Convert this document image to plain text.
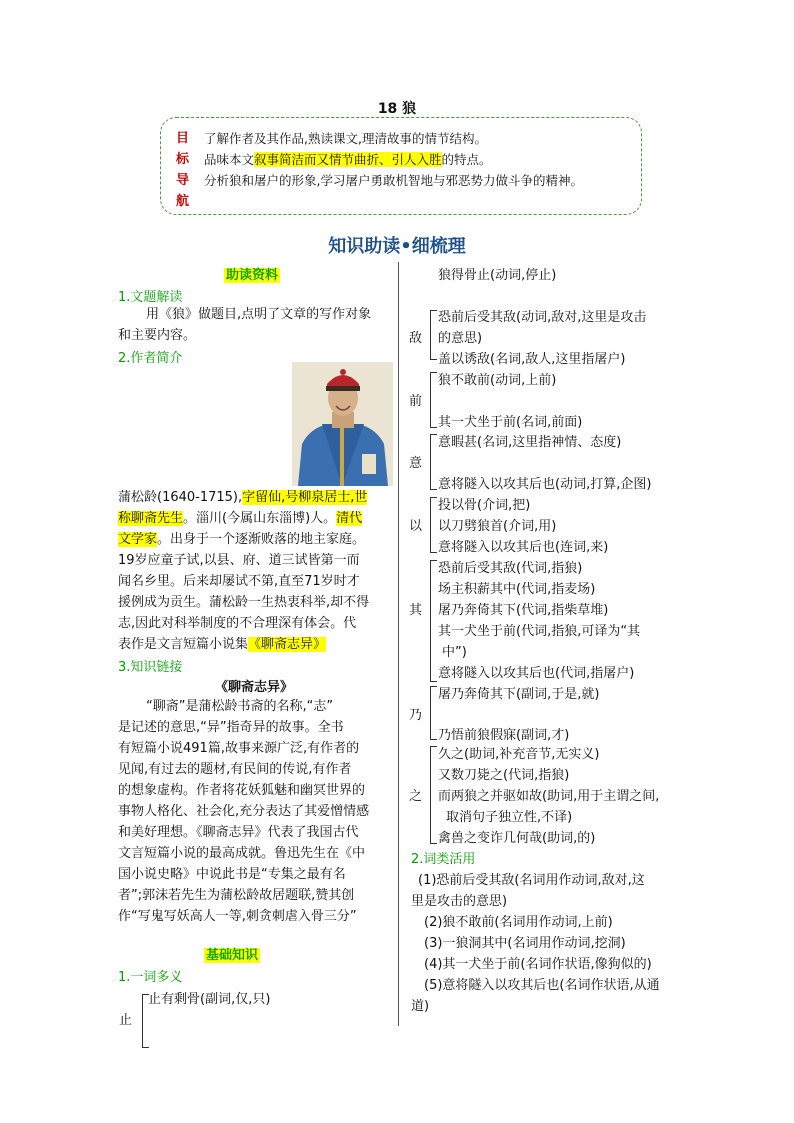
18 狼
目
标
导
航
了解作者及其作品,熟读课文,理清故事的情节结构。
品味本文叙事简洁而又情节曲折、引人入胜的特点。
分析狼和屠户的形象,学习屠户勇敢机智地与邪恶势力做斗争的精神。
知识助读•细梳理
助读资料
1.文题解读
用《狼》做题目,点明了文章的写作对象
和主要内容。
2.作者简介
蒲松龄(1640-1715),字留仙,号柳泉居士,世
称聊斋先生。淄川(今属山东淄博)人。清代
文学家。出身于一个逐渐败落的地主家庭。
19岁应童子试,以县、府、道三试皆第一而
闻名乡里。后来却屡试不第,直至71岁时才
援例成为贡生。蒲松龄一生热衷科举,却不得
志,因此对科举制度的不合理深有体会。代
表作是文言短篇小说集《聊斋志异》
3.知识链接
《聊斋志异》
“聊斋”是蒲松龄书斋的名称,“志”
是记述的意思,“异”指奇异的故事。全书
有短篇小说491篇,故事来源广泛,有作者的
见闻,有过去的题材,有民间的传说,有作者
的想象虚构。作者将花妖狐魅和幽冥世界的
事物人格化、社会化,充分表达了其爱憎情感
和美好理想。《聊斋志异》代表了我国古代
文言短篇小说的最高成就。鲁迅先生在《中
国小说史略》中说此书是“专集之最有名
者”;郭沫若先生为蒲松龄故居题联,赞其创
作“写鬼写妖高人一等,刺贪刺虐入骨三分”
基础知识
1.一词多义
止
止有剩骨(副词,仅,只)
狼得骨止(动词,停止)
敌
恐前后受其敌(动词,敌对,这里是攻击
的意思)
盖以诱敌(名词,敌人,这里指屠户)
前
狼不敢前(动词,上前)
其一犬坐于前(名词,前面)
意
意暇甚(名词,这里指神情、态度)
意将隧入以攻其后也(动词,打算,企图)
以
投以骨(介词,把)
以刀劈狼首(介词,用)
意将隧入以攻其后也(连词,来)
其
恐前后受其敌(代词,指狼)
场主积薪其中(代词,指麦场)
屠乃奔倚其下(代词,指柴草堆)
其一犬坐于前(代词,指狼,可译为“其
中”)
意将隧入以攻其后也(代词,指屠户)
乃
屠乃奔倚其下(副词,于是,就)
乃悟前狼假寐(副词,才)
之
久之(助词,补充音节,无实义)
又数刀毙之(代词,指狼)
而两狼之并驱如故(助词,用于主谓之间,
取消句子独立性,不译)
禽兽之变诈几何哉(助词,的)
2.词类活用
(1)恐前后受其敌(名词用作动词,敌对,这
里是攻击的意思)
(2)狼不敢前(名词用作动词,上前)
(3)一狼洞其中(名词用作动词,挖洞)
(4)其一犬坐于前(名词作状语,像狗似的)
(5)意将隧入以攻其后也(名词作状语,从通
道)
